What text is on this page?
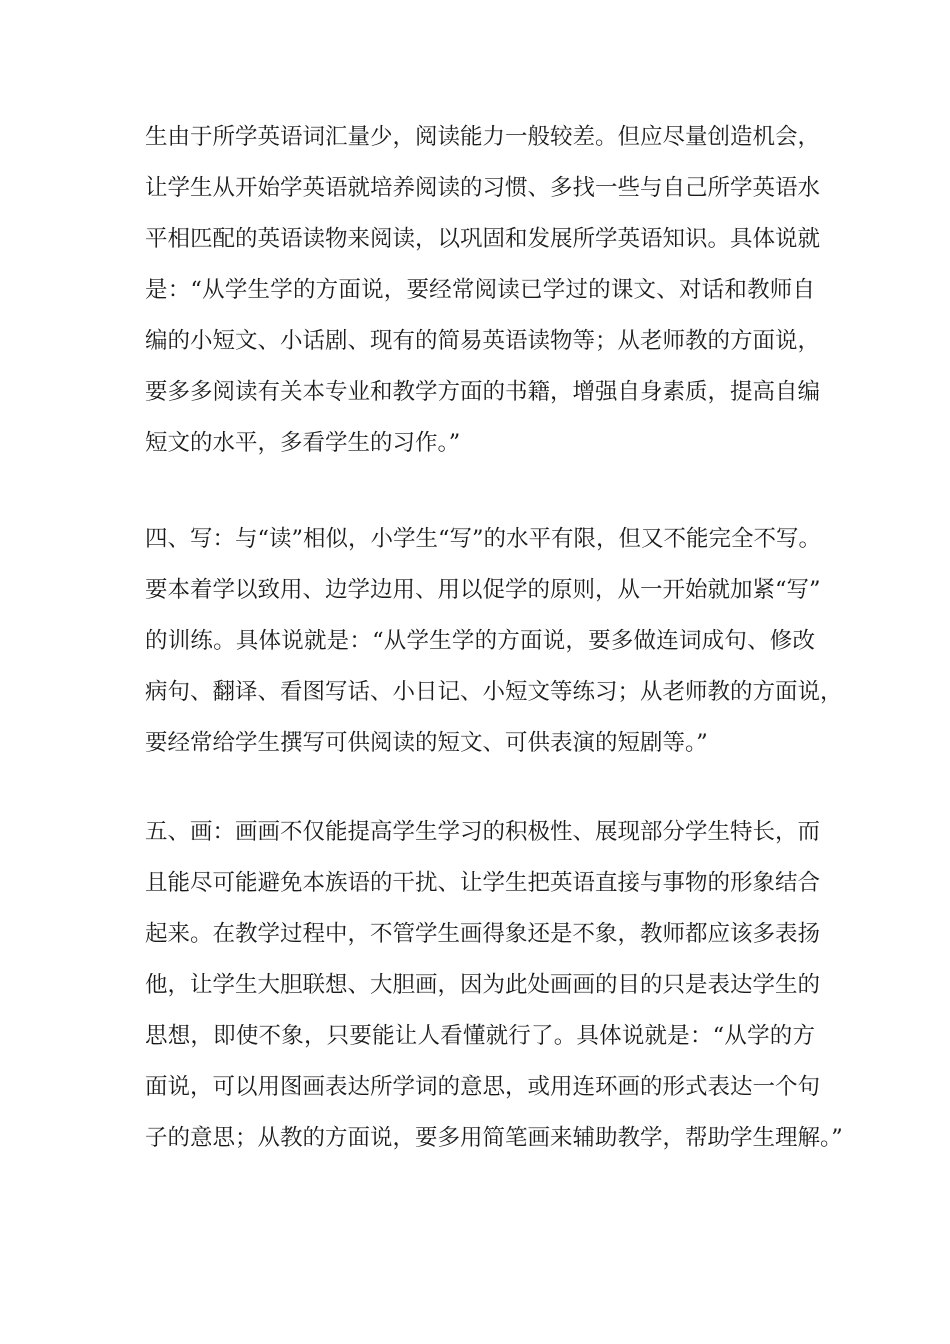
生由于所学英语词汇量少，阅读能力一般较差。但应尽量创造机会，
让学生从开始学英语就培养阅读的习惯、多找一些与自己所学英语水
平相匹配的英语读物来阅读，以巩固和发展所学英语知识。具体说就
是：“从学生学的方面说，要经常阅读已学过的课文、对话和教师自
编的小短文、小话剧、现有的简易英语读物等；从老师教的方面说，
要多多阅读有关本专业和教学方面的书籍，增强自身素质，提高自编
短文的水平，多看学生的习作。”
四、写：与“读”相似，小学生“写”的水平有限，但又不能完全不写。
要本着学以致用、边学边用、用以促学的原则，从一开始就加紧“写”
的训练。具体说就是：“从学生学的方面说，要多做连词成句、修改
病句、翻译、看图写话、小日记、小短文等练习；从老师教的方面说，
要经常给学生撰写可供阅读的短文、可供表演的短剧等。”
五、画：画画不仅能提高学生学习的积极性、展现部分学生特长，而
且能尽可能避免本族语的干扰、让学生把英语直接与事物的形象结合
起来。在教学过程中，不管学生画得象还是不象，教师都应该多表扬
他，让学生大胆联想、大胆画，因为此处画画的目的只是表达学生的
思想，即使不象，只要能让人看懂就行了。具体说就是：“从学的方
面说，可以用图画表达所学词的意思，或用连环画的形式表达一个句
子的意思；从教的方面说，要多用简笔画来辅助教学，帮助学生理解。”
